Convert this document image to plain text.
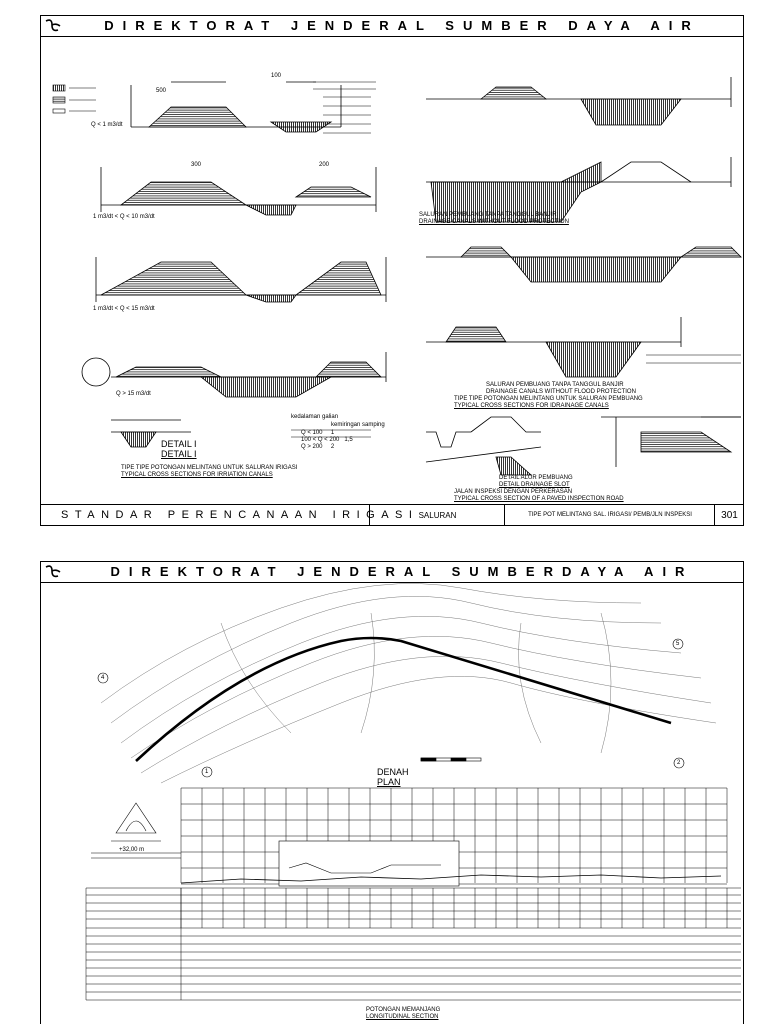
DIREKTORAT JENDERAL SUMBER DAYA AIR
Q < 1 m3/dt
1 m3/dt < Q < 10 m3/dt
1 m3/dt < Q < 15 m3/dt
Q > 15 m3/dt
500
300	200
100
DETAIL I
DETAIL I
kedalaman galian
kemiringan samping
Q < 100 1
100 < Q < 200 1,5
Q > 200 2
TIPE TIPE POTONGAN MELINTANG UNTUK SALURAN IRIGASI
TYPICAL CROSS SECTIONS FOR IRRIATION CANALS
SALURAN PEMBUANG TANPA TANGGUL BANJIR
DRAINAGE CANALS WITHOUT FLOOD PROTECTION
SALURAN PEMBUANG TANPA TANGGUL BANJIR
DRAINAGE CANALS WITHOUT FLOOD PROTECTION
TIPE TIPE POTONGAN MELINTANG UNTUK SALURAN PEMBUANG
TYPICAL CROSS SECTIONS FOR IDRAINAGE CANALS
DETAIL ALUR PEMBUANG
DETAIL DRAINAGE SLOT
JALAN INSPEKSI DENGAN PERKERASAN
TYPICAL CROSS SECTION OF A PAVED INSPECTION ROAD
STANDAR PERENCANAAN IRIGASI SALURAN	TIPE POT MELINTANG SAL. IRIGASI/ PEMB/JLN INSPEKSI	301
DIREKTORAT JENDERAL SUMBERDAYA AIR
DENAH
PLAN
+32,00 m
POTONGAN MEMANJANG
LONGITUDINAL SECTION
4
5
1
2
